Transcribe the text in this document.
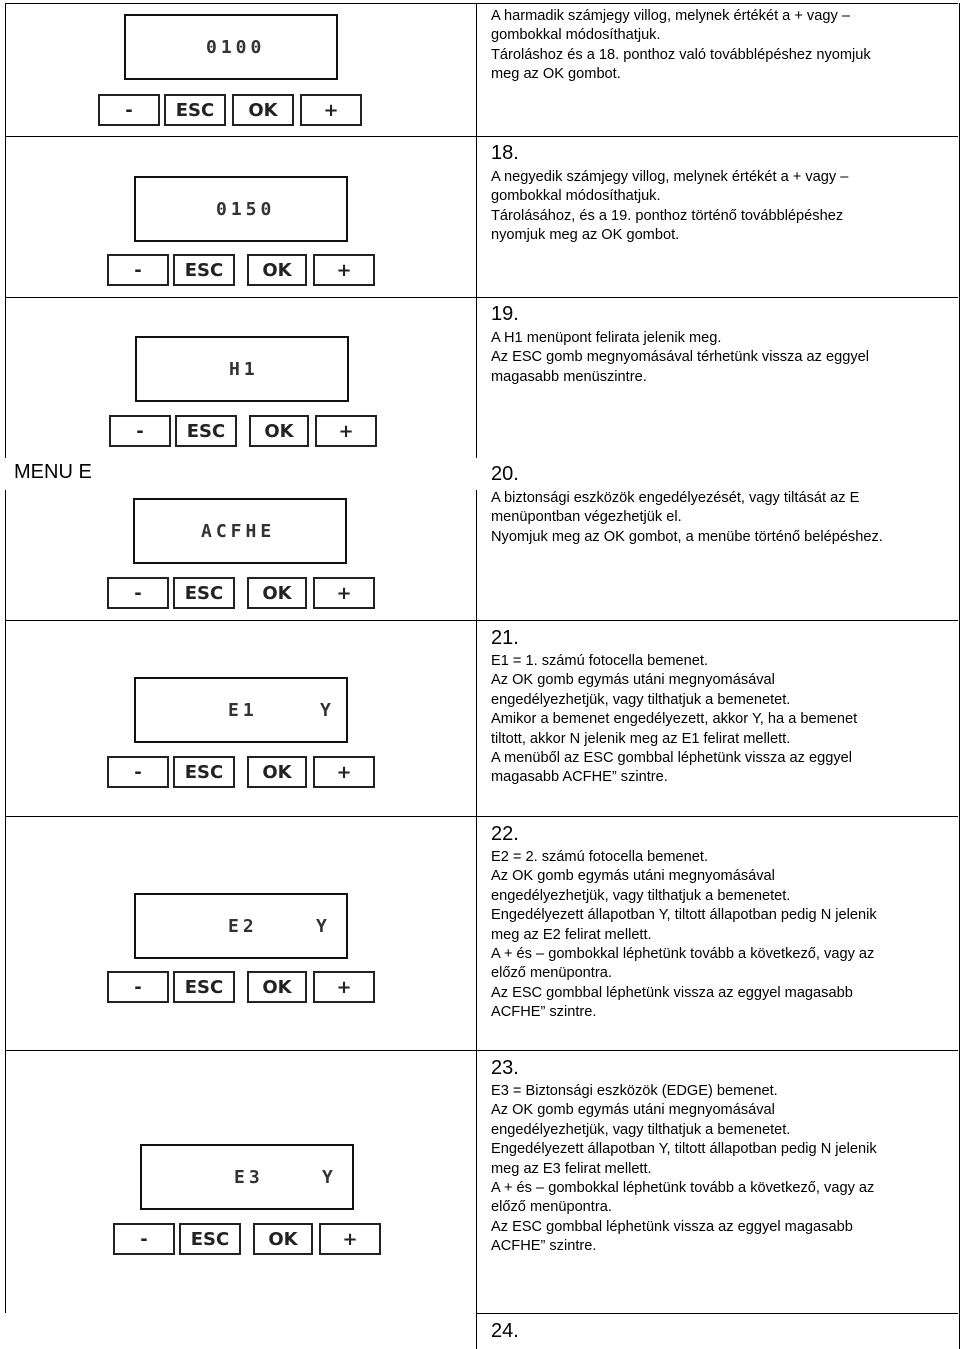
MENU E
0100
-	ESC	OK	+
A harmadik számjegy villog, melynek értékét a + vagy –
gombokkal módosíthatjuk.
Tároláshoz és a 18. ponthoz való továbblépéshez nyomjuk
meg az OK gombot.
18.
0150
-	ESC	OK	+
A negyedik számjegy villog, melynek értékét a + vagy –
gombokkal módosíthatjuk.
Tárolásához, és a 19. ponthoz történő továbblépéshez
nyomjuk meg az OK gombot.
19.
H1
-	ESC	OK	+
A H1 menüpont felirata jelenik meg.
Az ESC gomb megnyomásával térhetünk vissza az eggyel
magasabb menüszintre.
20.
ACFHE
-	ESC	OK	+
A biztonsági eszközök engedélyezését, vagy tiltását az E
menüpontban végezhetjük el.
Nyomjuk meg az OK gombot, a menübe történő belépéshez.
21.
E1	Y
-	ESC	OK	+
E1 = 1. számú fotocella bemenet.
Az OK gomb egymás utáni megnyomásával
engedélyezhetjük, vagy tilthatjuk a bemenetet.
Amikor a bemenet engedélyezett, akkor Y, ha a bemenet
tiltott, akkor N jelenik meg az E1 felirat mellett.
A menüből az ESC gombbal léphetünk vissza az eggyel
magasabb ACFHE” szintre.
22.
E2	Y
-	ESC	OK	+
E2 = 2. számú fotocella bemenet.
Az OK gomb egymás utáni megnyomásával
engedélyezhetjük, vagy tilthatjuk a bemenetet.
Engedélyezett állapotban Y, tiltott állapotban pedig N jelenik
meg az E2 felirat mellett.
A + és – gombokkal léphetünk tovább a következő, vagy az
előző menüpontra.
Az ESC gombbal léphetünk vissza az eggyel magasabb
ACFHE” szintre.
23.
E3	Y
-	ESC	OK	+
E3 = Biztonsági eszközök (EDGE) bemenet.
Az OK gomb egymás utáni megnyomásával
engedélyezhetjük, vagy tilthatjuk a bemenetet.
Engedélyezett állapotban Y, tiltott állapotban pedig N jelenik
meg az E3 felirat mellett.
A + és – gombokkal léphetünk tovább a következő, vagy az
előző menüpontra.
Az ESC gombbal léphetünk vissza az eggyel magasabb
ACFHE” szintre.
24.
